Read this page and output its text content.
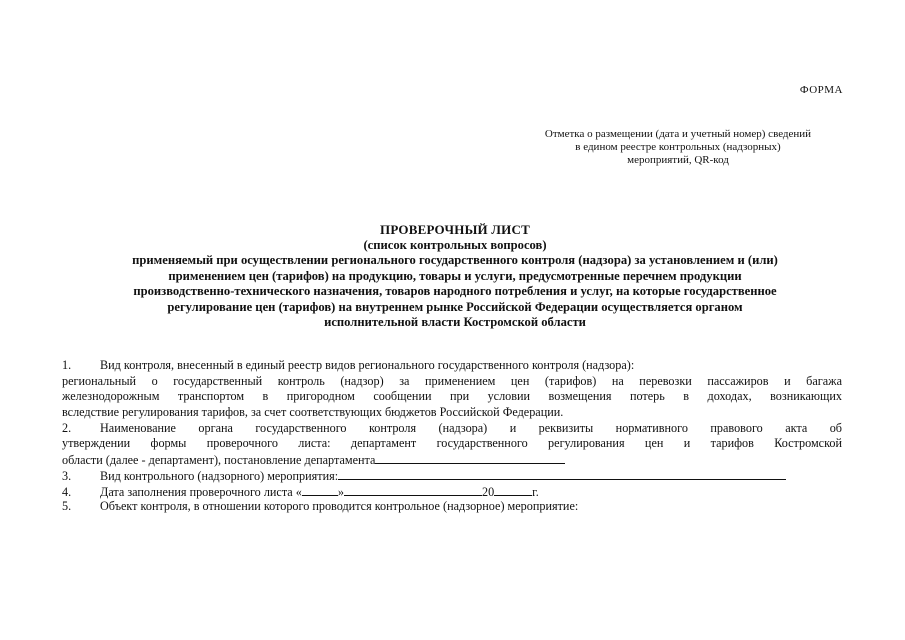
ФОРМА
Отметка о размещении (дата и учетный номер) сведений
в едином реестре контрольных (надзорных)
мероприятий, QR-код
ПРОВЕРОЧНЫЙ ЛИСТ
(список контрольных вопросов)
применяемый при осуществлении регионального государственного контроля (надзора) за установлением и (или)
применением цен (тарифов) на продукцию, товары и услуги, предусмотренные перечнем продукции
производственно-технического назначения, товаров народного потребления и услуг, на которые государственное
регулирование цен (тарифов) на внутреннем рынке Российской Федерации осуществляется органом
исполнительной власти Костромской области
1. Вид контроля, внесенный в единый реестр видов регионального государственного контроля (надзора):
региональный о государственный контроль (надзор) за применением цен (тарифов) на перевозки пассажиров и багажа
железнодорожным транспортом в пригородном сообщении при условии возмещения потерь в доходах, возникающих
вследствие регулирования тарифов, за счет соответствующих бюджетов Российской Федерации.
2. Наименование органа государственного контроля (надзора) и реквизиты нормативного правового акта об
утверждении формы проверочного листа: департамент государственного регулирования цен и тарифов Костромской
области (далее - департамент), постановление департамента
3. Вид контрольного (надзорного) мероприятия:
4. Дата заполнения проверочного листа «	»	20	г.
5. Объект контроля, в отношении которого проводится контрольное (надзорное) мероприятие:
